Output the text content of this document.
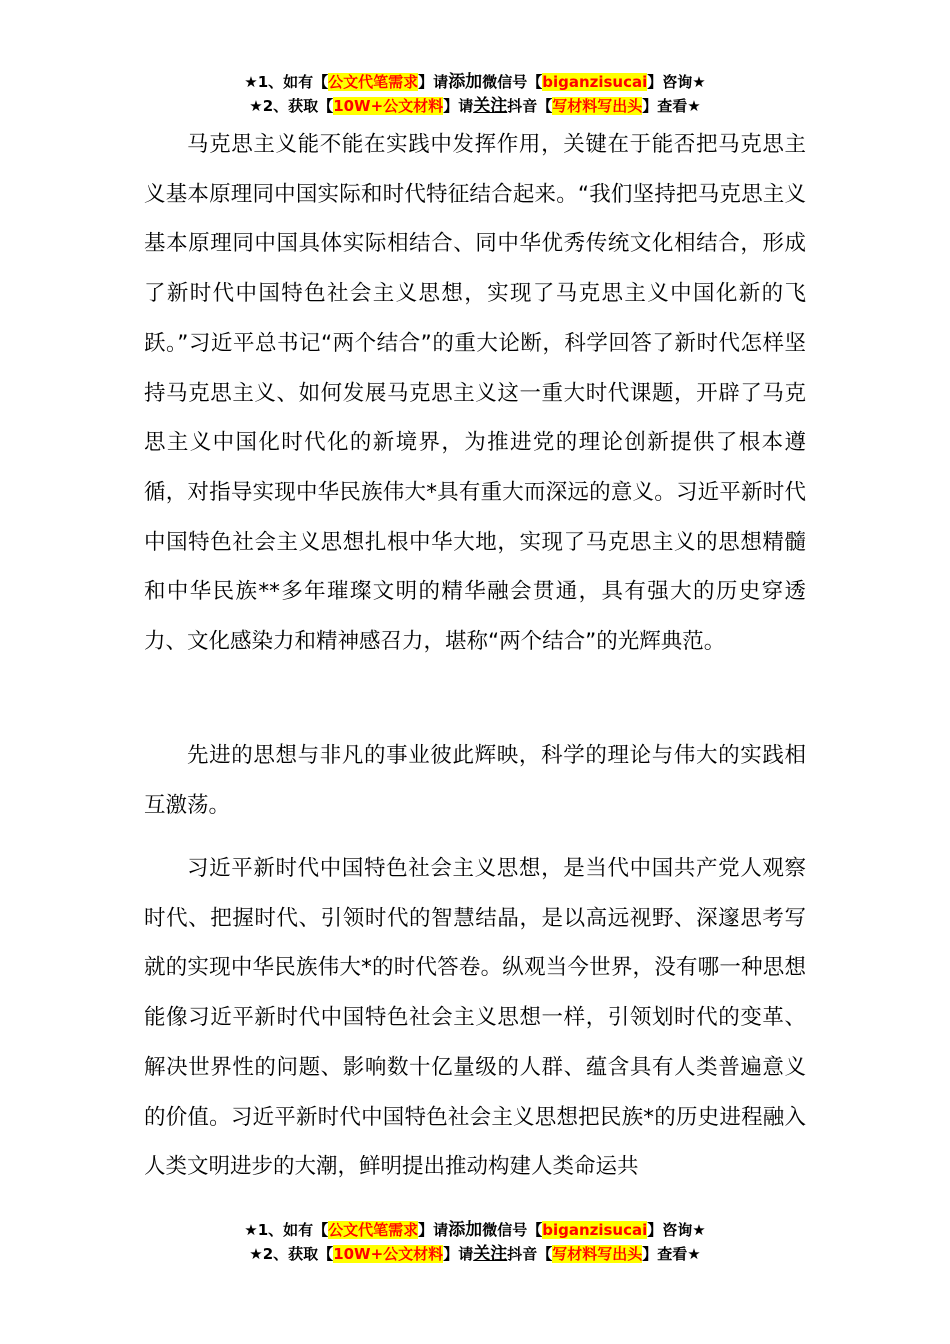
★1、如有【公文代笔需求】请添加微信号【biganzisucai】咨询★
★2、获取【10W+公文材料】请关注抖音【写材料写出头】查看★

马克思主义能不能在实践中发挥作用，关键在于能否把马克思主义基本原理同中国实际和时代特征结合起来。“我们坚持把马克思主义基本原理同中国具体实际相结合、同中华优秀传统文化相结合，形成了新时代中国特色社会主义思想，实现了马克思主义中国化新的飞跃。”习近平总书记“两个结合”的重大论断，科学回答了新时代怎样坚持马克思主义、如何发展马克思主义这一重大时代课题，开辟了马克思主义中国化时代化的新境界，为推进党的理论创新提供了根本遵循，对指导实现中华民族伟大*具有重大而深远的意义。习近平新时代中国特色社会主义思想扎根中华大地，实现了马克思主义的思想精髓和中华民族**多年璀璨文明的精华融会贯通，具有强大的历史穿透力、文化感染力和精神感召力，堪称“两个结合”的光辉典范。

先进的思想与非凡的事业彼此辉映，科学的理论与伟大的实践相互激荡。

习近平新时代中国特色社会主义思想，是当代中国共产党人观察时代、把握时代、引领时代的智慧结晶，是以高远视野、深邃思考写就的实现中华民族伟大*的时代答卷。纵观当今世界，没有哪一种思想能像习近平新时代中国特色社会主义思想一样，引领划时代的变革、解决世界性的问题、影响数十亿量级的人群、蕴含具有人类普遍意义的价值。习近平新时代中国特色社会主义思想把民族*的历史进程融入人类文明进步的大潮，鲜明提出推动构建人类命运共

★1、如有【公文代笔需求】请添加微信号【biganzisucai】咨询★
★2、获取【10W+公文材料】请关注抖音【写材料写出头】查看★
